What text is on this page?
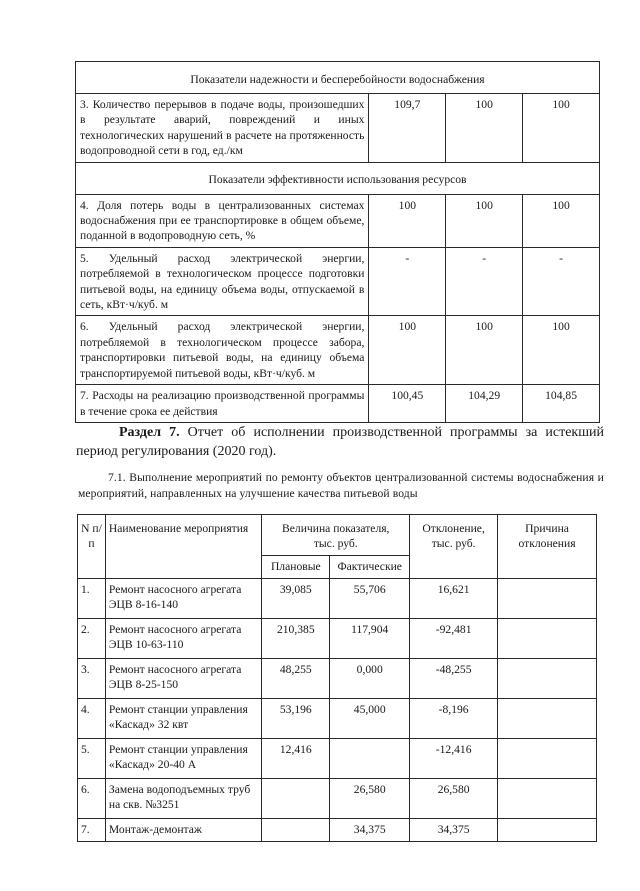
Показатели надежности и бесперебойности водоснабжения			
3. Количество перерывов в подаче воды, произошедших в результате аварий, повреждений и иных технологических нарушений в расчете на протяженность водопроводной сети в год, ед./км	109,7	100	100
Показатели эффективности использования ресурсов			
4. Доля потерь воды в централизованных системах водоснабжения при ее транспортировке в общем объеме, поданной в водопроводную сеть, %	100	100	100
5. Удельный расход электрической энергии, потребляемой в технологическом процессе подготовки питьевой воды, на единицу объема воды, отпускаемой в сеть, кВт·ч/куб. м	-	-	-
6. Удельный расход электрической энергии, потребляемой в технологическом процессе забора, транспортировки питьевой воды, на единицу объема транспортируемой питьевой воды, кВт·ч/куб. м	100	100	100
7. Расходы на реализацию производственной программы в течение срока ее действия	100,45	104,29	104,85
Раздел 7. Отчет об исполнении производственной программы за истекший период регулирования (2020 год).
7.1. Выполнение мероприятий по ремонту объектов централизованной системы водоснабжения и мероприятий, направленных на улучшение качества питьевой воды
N п/п	Наименование мероприятия	Величина показателя, тыс. руб.		Отклонение, тыс. руб.	Причина отклонения
		Плановые	Фактические		
1.	Ремонт насосного агрегата ЭЦВ 8-16-140	39,085	55,706	16,621	
2.	Ремонт насосного агрегата ЭЦВ 10-63-110	210,385	117,904	-92,481	
3.	Ремонт насосного агрегата ЭЦВ 8-25-150	48,255	0,000	-48,255	
4.	Ремонт станции управления «Каскад» 32 квт	53,196	45,000	-8,196	
5.	Ремонт станции управления «Каскад» 20-40 А	12,416		-12,416	
6.	Замена водоподъемных труб на скв. №3251		26,580	26,580	
7.	Монтаж-демонтаж		34,375	34,375	
